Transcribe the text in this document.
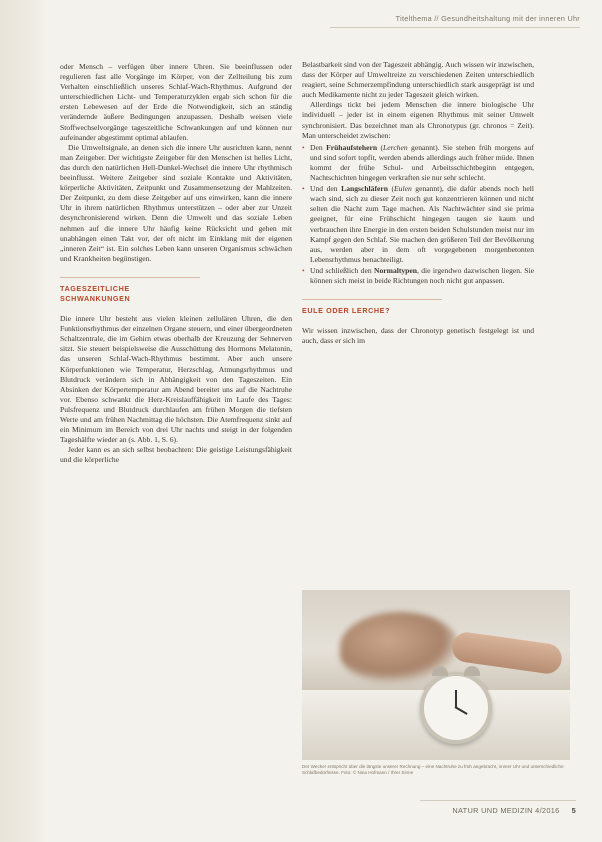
Titelthema // Gesundheitshaltung mit der inneren Uhr

oder Mensch – verfügen über innere Uhren. Sie beeinflussen oder regulieren fast alle Vorgänge im Körper, von der Zellteilung bis zum Verhalten einschließlich unseres Schlaf-Wach-Rhythmus. Aufgrund der unterschiedlichen Licht- und Temperaturzyklen ergab sich schon für die ersten Lebewesen auf der Erde die Notwendigkeit, sich an ständig verändernde äußere Bedingungen anzupassen. Deshalb weisen viele Stoffwechselvorgänge tageszeitliche Schwankungen auf und können nur aufeinander abgestimmt optimal ablaufen.

Die Umweltsignale, an denen sich die innere Uhr ausrichten kann, nennt man Zeitgeber. Der wichtigste Zeitgeber für den Menschen ist helles Licht, das durch den natürlichen Hell-Dunkel-Wechsel die innere Uhr rhythmisch beeinflusst. Weitere Zeitgeber sind soziale Kontakte und Aktivitäten, körperliche Aktivitäten, Zeitpunkt und Zusammensetzung der Mahlzeiten. Der Zeitpunkt, zu dem diese Zeitgeber auf uns einwirken, kann die innere Uhr in ihrem natürlichen Rhythmus unterstützen – oder aber zur Unzeit desynchronisierend wirken. Denn die Umwelt und das soziale Leben nehmen auf die innere Uhr häufig keine Rücksicht und gehen mit unabhängen einen Takt vor, der oft nicht im Einklang mit der eigenen „inneren Zeit“ ist. Ein solches Leben kann unseren Organismus schwächen und Krankheiten begünstigen.

TAGESZEITLICHE SCHWANKUNGEN

Die innere Uhr besteht aus vielen kleinen zellulären Uhren, die den Funktionsrhythmus der einzelnen Organe steuern, und einer übergeordneten Schaltzentrale, die im Gehirn etwas oberhalb der Kreuzung der Sehnerven sitzt. Sie steuert beispielsweise die Ausschüttung des Hormons Melatonin, das unseren Schlaf-Wach-Rhythmus bestimmt. Aber auch unsere Körperfunktionen wie Temperatur, Herzschlag, Atmungsrhythmus und Blutdruck verändern sich in Abhängigkeit von den Tageszeiten. Ein Absinken der Körpertemperatur am Abend bereitet uns auf die Nachtruhe vor. Ebenso schwankt die Herz-Kreislauffähigkeit im Laufe des Tages: Pulsfrequenz und Blutdruck durchlaufen am frühen Morgen die tiefsten Werte und am frühen Nachmittag die höchsten. Die Atemfrequenz sinkt auf ein Minimum im Bereich von drei Uhr nachts und steigt in der folgenden Tageshälfte wieder an (s. Abb. 1, S. 6).

Jeder kann es an sich selbst beobachten: Die geistige Leistungsfähigkeit und die körperliche

Belastbarkeit sind von der Tageszeit abhängig. Auch wissen wir inzwischen, dass der Körper auf Umweltreize zu verschiedenen Zeiten unterschiedlich reagiert, seine Schmerzempfindung unterschiedlich stark ausgeprägt ist und auch Medikamente nicht zu jeder Tageszeit gleich wirken.

Allerdings tickt bei jedem Menschen die innere biologische Uhr individuell – jeder ist in einem eigenen Rhythmus mit seiner Umwelt synchronisiert. Das bezeichnet man als Chronotypus (gr. chronos = Zeit). Man unterscheidet zwischen:

• Den Frühaufstehern (Lerchen genannt). Sie stehen früh morgens auf und sind sofort topfit, werden abends allerdings auch früher müde. Ihnen kommt der frühe Schul- und Arbeitsschichtbeginn entgegen, Nachtschichten hingegen verkraften sie nur sehr schlecht.
• Und den Langschläfern (Eulen genannt), die dafür abends noch hell wach sind, sich zu dieser Zeit noch gut konzentrieren können und nicht selten die Nacht zum Tage machen. Als Nachtwächter sind sie prima geeignet, für eine Frühschicht hingegen taugen sie kaum und verbrauchen ihre Energie in den ersten beiden Schulstunden meist nur im Kampf gegen den Schlaf. Sie machen den größeren Teil der Bevölkerung aus, werden aber in dem oft vorgegebenen morgenbetonten Lebensrhythmus benachteiligt.
• Und schließlich den Normaltypen, die irgendwo dazwischen liegen. Sie können sich meist in beide Richtungen noch nicht gut anpassen.
EULE ODER LERCHE?

Wir wissen inzwischen, dass der Chronotyp genetisch festgelegt ist und auch, dass er sich im

Der Wecker entspricht über die längste unserer Rechnung – eine Nachtruhe zu früh angebracht, immer Uhr und unterschiedliche Schlafbedürfnisse. Foto: © Nina Hofmann / Ihrer Sinne
NATUR UND MEDIZIN 4/2016 5
